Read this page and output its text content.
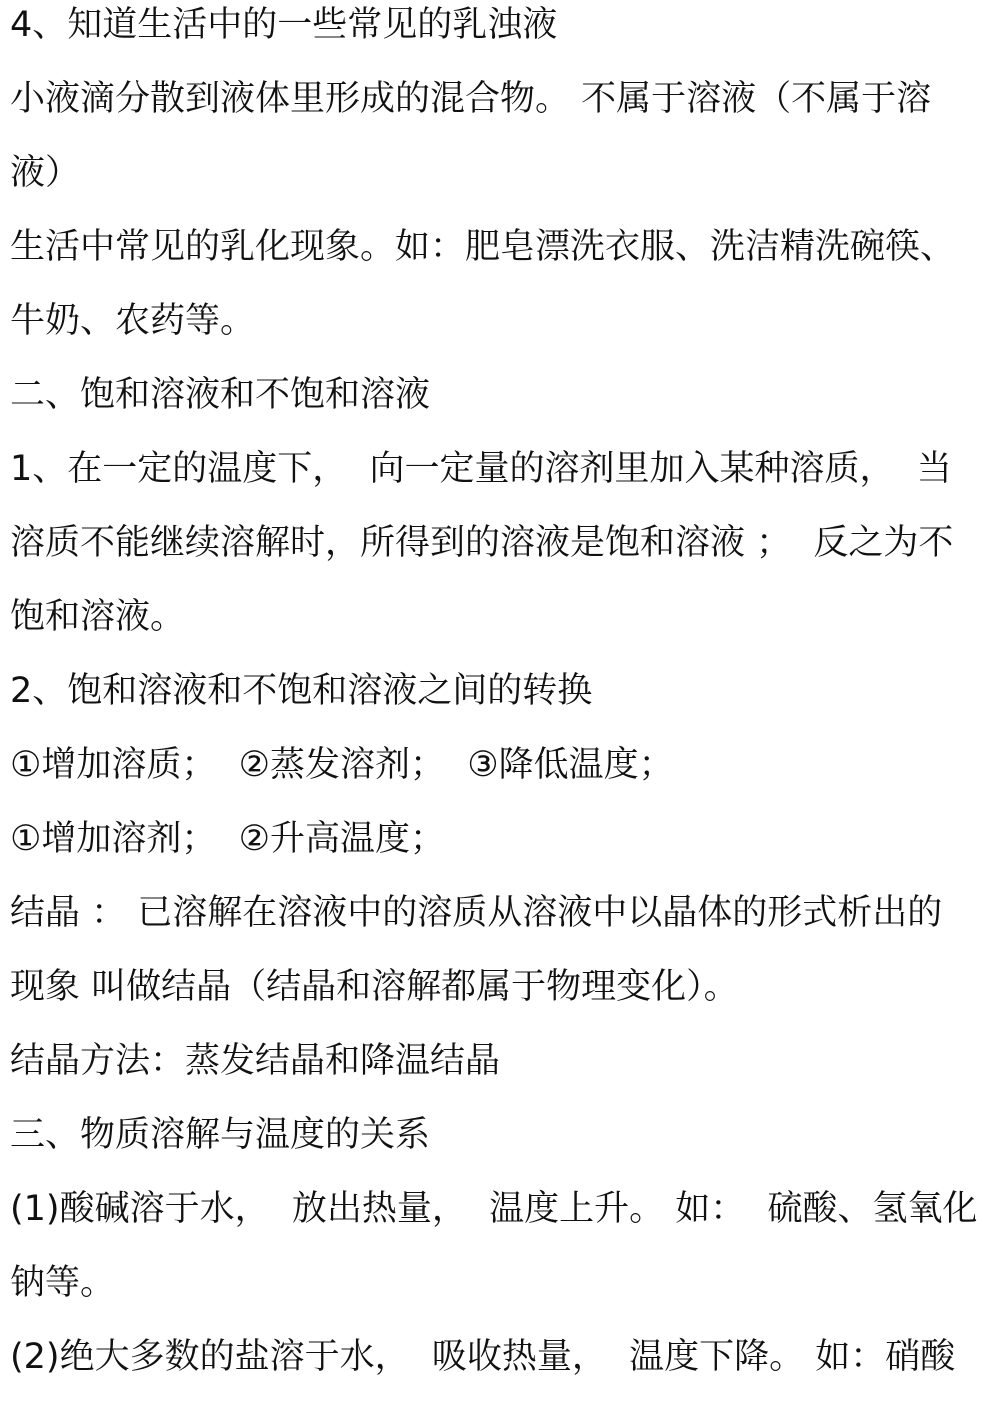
4、知道生活中的一些常见的乳浊液

小液滴分散到液体里形成的混合物。 不属于溶液（不属于溶

液）

生活中常见的乳化现象。如：肥皂漂洗衣服、洗洁精洗碗筷、

牛奶、农药等。

二、饱和溶液和不饱和溶液

1、在一定的温度下，  向一定量的溶剂里加入某种溶质，  当

溶质不能继续溶解时，所得到的溶液是饱和溶液 ；  反之为不

饱和溶液。

2、饱和溶液和不饱和溶液之间的转换

①增加溶质；  ②蒸发溶剂；  ③降低温度；

①增加溶剂；  ②升高温度；

结晶 ： 已溶解在溶液中的溶质从溶液中以晶体的形式析出的

现象 叫做结晶（结晶和溶解都属于物理变化）。

结晶方法：蒸发结晶和降温结晶

三、物质溶解与温度的关系

(1)酸碱溶于水，  放出热量，  温度上升。 如：  硫酸、氢氧化

钠等。

(2)绝大多数的盐溶于水，  吸收热量，  温度下降。 如：硝酸
